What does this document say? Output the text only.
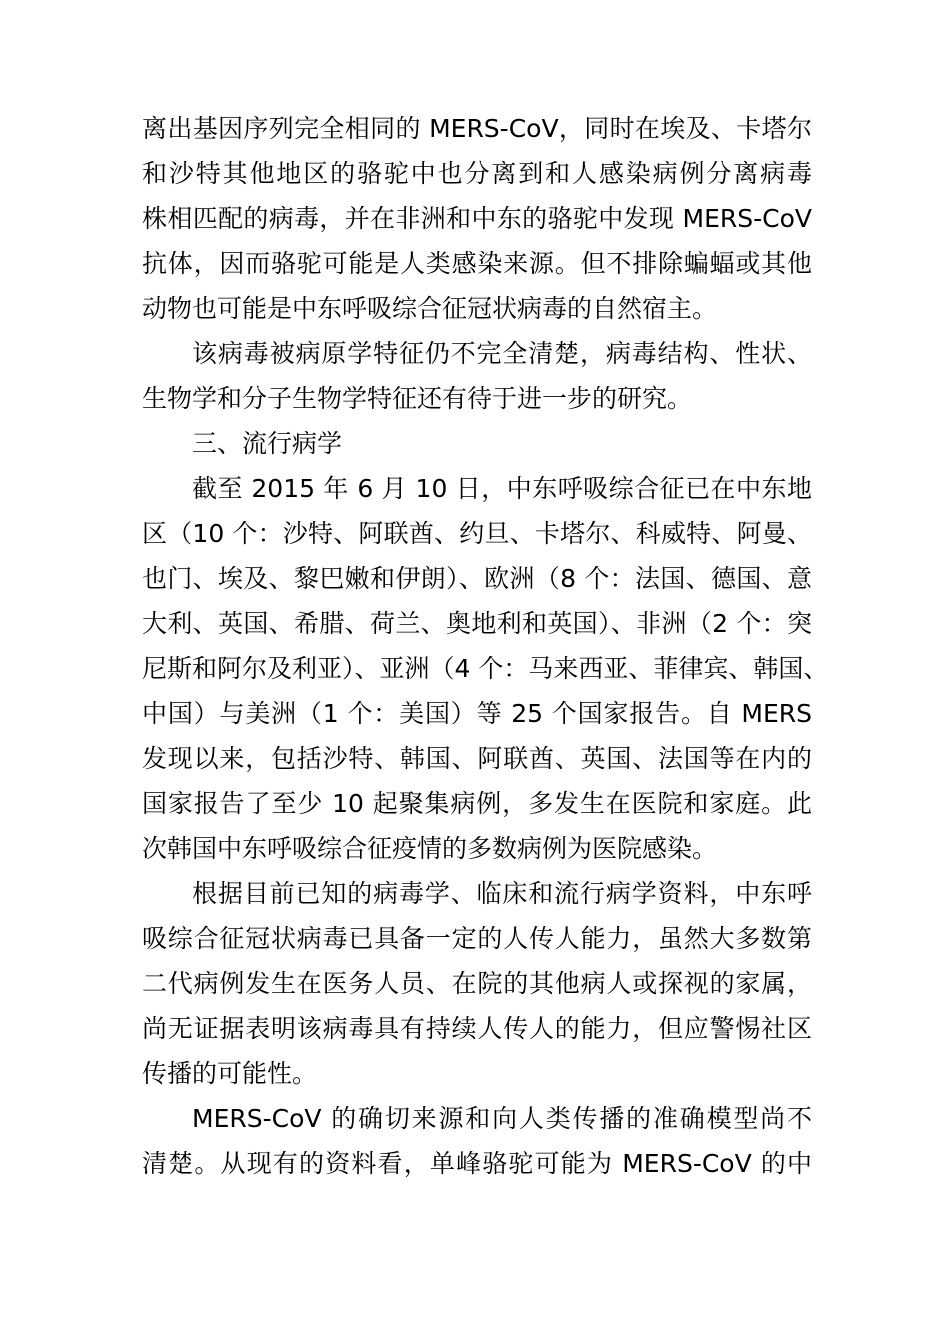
离出基因序列完全相同的 MERS-CoV，同时在埃及、卡塔尔
和沙特其他地区的骆驼中也分离到和人感染病例分离病毒
株相匹配的病毒，并在非洲和中东的骆驼中发现 MERS-CoV
抗体，因而骆驼可能是人类感染来源。但不排除蝙蝠或其他
动物也可能是中东呼吸综合征冠状病毒的自然宿主。
该病毒被病原学特征仍不完全清楚，病毒结构、性状、
生物学和分子生物学特征还有待于进一步的研究。
三、流行病学
截至 2015 年 6 月 10 日，中东呼吸综合征已在中东地
区（10 个：沙特、阿联酋、约旦、卡塔尔、科威特、阿曼、
也门、埃及、黎巴嫩和伊朗）、欧洲（8 个：法国、德国、意
大利、英国、希腊、荷兰、奥地利和英国）、非洲（2 个：突
尼斯和阿尔及利亚）、亚洲（4 个：马来西亚、菲律宾、韩国、
中国）与美洲（1 个：美国）等 25 个国家报告。自 MERS
发现以来，包括沙特、韩国、阿联酋、英国、法国等在内的
国家报告了至少 10 起聚集病例，多发生在医院和家庭。此
次韩国中东呼吸综合征疫情的多数病例为医院感染。
根据目前已知的病毒学、临床和流行病学资料，中东呼
吸综合征冠状病毒已具备一定的人传人能力，虽然大多数第
二代病例发生在医务人员、在院的其他病人或探视的家属，
尚无证据表明该病毒具有持续人传人的能力，但应警惕社区
传播的可能性。
MERS-CoV 的确切来源和向人类传播的准确模型尚不
清楚。从现有的资料看，单峰骆驼可能为 MERS-CoV 的中
